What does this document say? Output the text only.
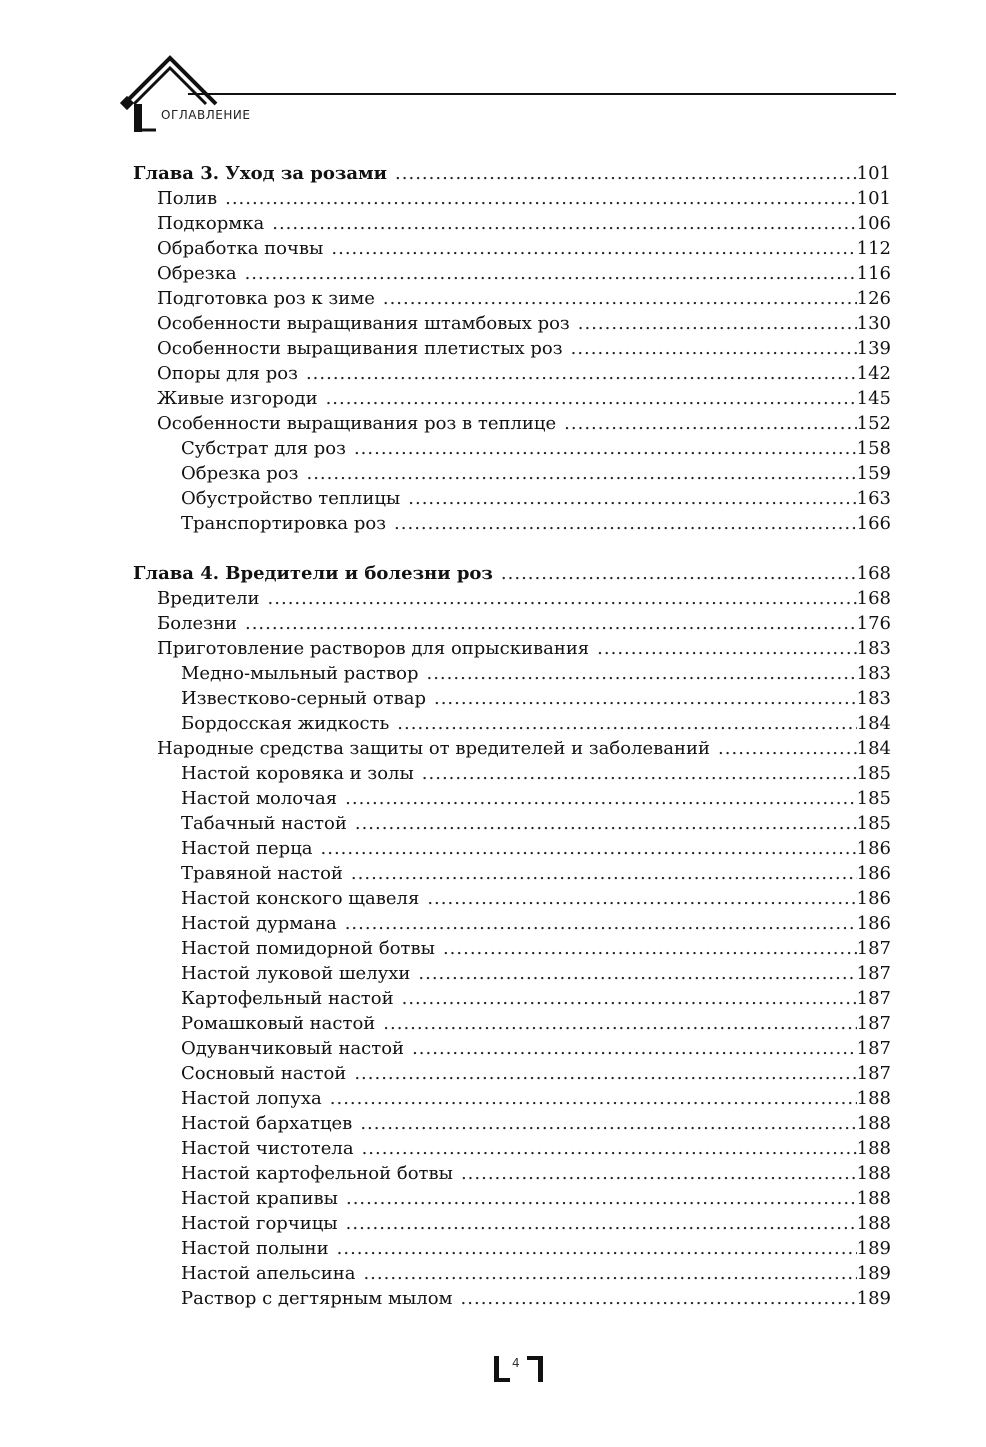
ОГЛАВЛЕНИЕ
Глава 3. Уход за розами .....	101
Полив .....	101
Подкормка .....	106
Обработка почвы .....	112
Обрезка .....	116
Подготовка роз к зиме .....	126
Особенности выращивания штамбовых роз .....	130
Особенности выращивания плетистых роз .....	139
Опоры для роз .....	142
Живые изгороди .....	145
Особенности выращивания роз в теплице .....	152
Субстрат для роз .....	158
Обрезка роз .....	159
Обустройство теплицы .....	163
Транспортировка роз .....	166
Глава 4. Вредители и болезни роз .....	168
Вредители .....	168
Болезни .....	176
Приготовление растворов для опрыскивания .....	183
Медно-мыльный раствор .....	183
Известково-серный отвар .....	183
Бордосская жидкость .....	184
Народные средства защиты от вредителей и заболеваний .....	184
Настой коровяка и золы .....	185
Настой молочая .....	185
Табачный настой .....	185
Настой перца .....	186
Травяной настой .....	186
Настой конского щавеля .....	186
Настой дурмана .....	186
Настой помидорной ботвы .....	187
Настой луковой шелухи .....	187
Картофельный настой .....	187
Ромашковый настой .....	187
Одуванчиковый настой .....	187
Сосновый настой .....	187
Настой лопуха .....	188
Настой бархатцев .....	188
Настой чистотела .....	188
Настой картофельной ботвы .....	188
Настой крапивы .....	188
Настой горчицы .....	188
Настой полыни .....	189
Настой апельсина .....	189
Раствор с дегтярным мылом .....	189
4
